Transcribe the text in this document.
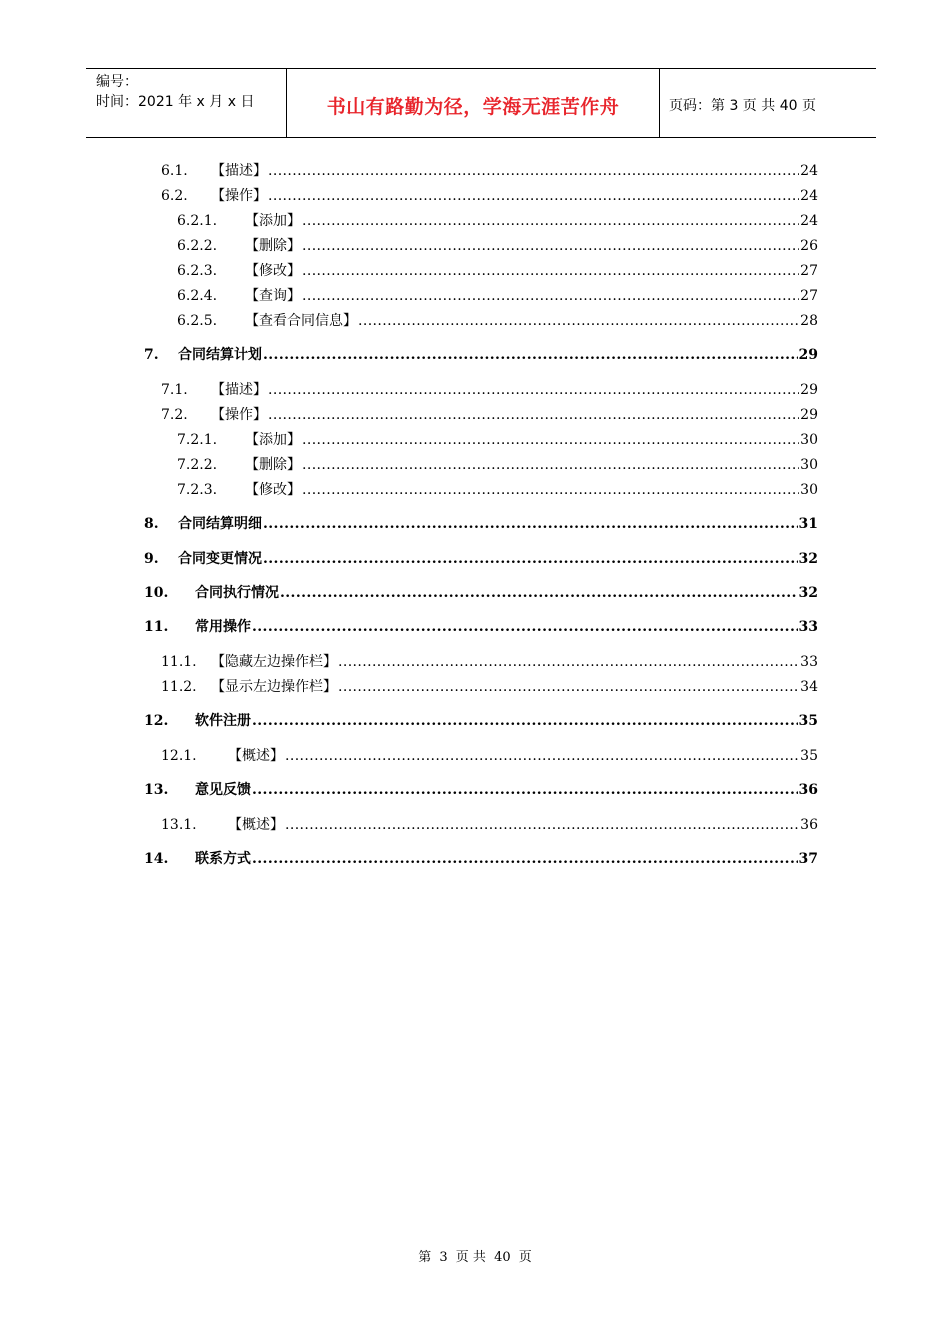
编号：
时间：2021 年 x 月 x 日	书山有路勤为径，学海无涯苦作舟	页码：第 3 页 共 40 页
6.1.	【描述】 .....	24
6.2.	【操作】 .....	24
6.2.1.	【添加】 .....	24
6.2.2.	【删除】 .....	26
6.2.3.	【修改】 .....	27
6.2.4.	【查询】 .....	27
6.2.5.	【查看合同信息】 .....	28
7.	合同结算计划 .....	29
7.1.	【描述】 .....	29
7.2.	【操作】 .....	29
7.2.1.	【添加】 .....	30
7.2.2.	【删除】 .....	30
7.2.3.	【修改】 .....	30
8.	合同结算明细 .....	31
9.	合同变更情况 .....	32
10.	合同执行情况 .....	32
11.	常用操作 .....	33
11.1.	【隐藏左边操作栏】 .....	33
11.2.	【显示左边操作栏】 .....	34
12.	软件注册 .....	35
12.1.	【概述】 .....	35
13.	意见反馈 .....	36
13.1.	【概述】 .....	36
14.	联系方式 .....	37
第 3 页 共 40 页
